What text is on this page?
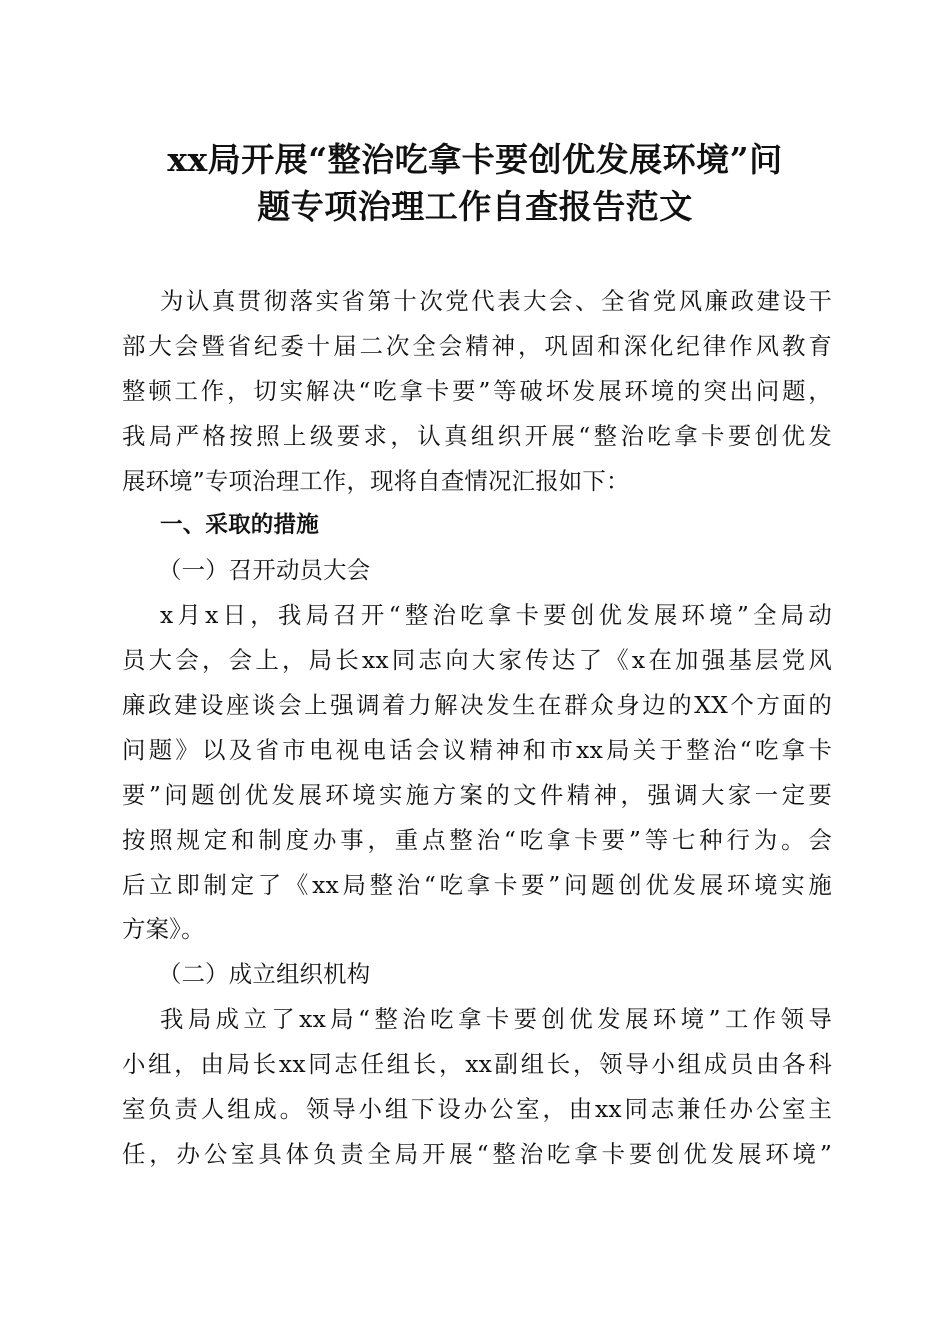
xx局开展“整治吃拿卡要创优发展环境”问
题专项治理工作自查报告范文
为认真贯彻落实省第十次党代表大会、全省党风廉政建设干
部大会暨省纪委十届二次全会精神，巩固和深化纪律作风教育
整顿工作，切实解决“吃拿卡要”等破坏发展环境的突出问题，
我局严格按照上级要求，认真组织开展“整治吃拿卡要创优发
展环境”专项治理工作，现将自查情况汇报如下：
一、采取的措施
（一）召开动员大会
x月x日，我局召开“整治吃拿卡要创优发展环境”全局动
员大会，会上，局长xx同志向大家传达了《x在加强基层党风
廉政建设座谈会上强调着力解决发生在群众身边的XX个方面的
问题》以及省市电视电话会议精神和市xx局关于整治“吃拿卡
要”问题创优发展环境实施方案的文件精神，强调大家一定要
按照规定和制度办事，重点整治“吃拿卡要”等七种行为。会
后立即制定了《xx局整治“吃拿卡要”问题创优发展环境实施
方案》。
（二）成立组织机构
我局成立了xx局“整治吃拿卡要创优发展环境”工作领导
小组，由局长xx同志任组长，xx副组长，领导小组成员由各科
室负责人组成。领导小组下设办公室，由xx同志兼任办公室主
任，办公室具体负责全局开展“整治吃拿卡要创优发展环境”
